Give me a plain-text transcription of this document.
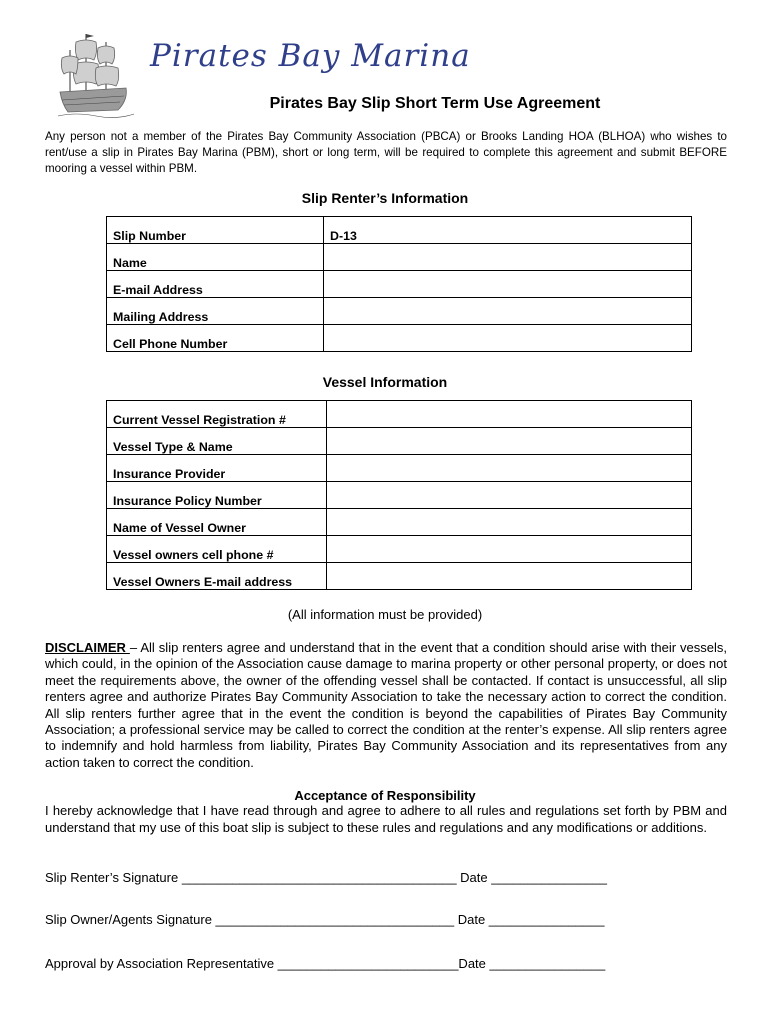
Pirates Bay Marina
Pirates Bay Slip Short Term Use Agreement
Any person not a member of the Pirates Bay Community Association (PBCA) or Brooks Landing HOA (BLHOA) who wishes to rent/use a slip in Pirates Bay Marina (PBM), short or long term, will be required to complete this agreement and submit BEFORE mooring a vessel within PBM.
Slip Renter’s Information
Slip Number	D-13
Name	
E-mail Address	
Mailing Address	
Cell Phone Number	
Vessel Information
Current Vessel Registration #	
Vessel Type & Name	
Insurance Provider	
Insurance Policy Number	
Name of Vessel Owner	
Vessel owners cell phone #	
Vessel Owners E-mail address	
(All information must be provided)
DISCLAIMER – All slip renters agree and understand that in the event that a condition should arise with their vessels, which could, in the opinion of the Association cause damage to marina property or other personal property, or does not meet the requirements above, the owner of the offending vessel shall be contacted. If contact is unsuccessful, all slip renters agree and authorize Pirates Bay Community Association to take the necessary action to correct the condition. All slip renters further agree that in the event the condition is beyond the capabilities of Pirates Bay Community Association; a professional service may be called to correct the condition at the renter’s expense. All slip renters agree to indemnify and hold harmless from liability, Pirates Bay Community Association and its representatives from any action taken to correct the condition.
Acceptance of Responsibility
I hereby acknowledge that I have read through and agree to adhere to all rules and regulations set forth by PBM and understand that my use of this boat slip is subject to these rules and regulations and any modifications or additions.
Slip Renter’s Signature ______________________________________ Date ________________
Slip Owner/Agents Signature _________________________________ Date ________________
Approval by Association Representative _________________________Date ________________
